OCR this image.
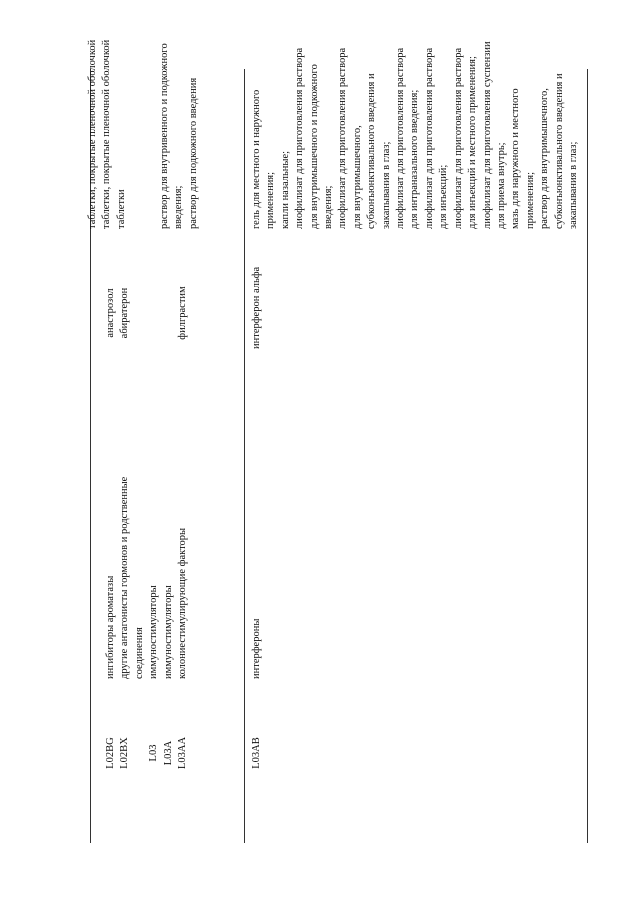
L02BG L02BX L03 L03A L03AA
ингибиторы ароматазы другие антагонисты гормонов и родственные соединения иммуностимуляторы иммуностимуляторы колониестимулирующие факторы
анастрозол абиратерон	филграстим
таблетки, покрытые пленочной оболочкой таблетки, покрытые пленочной оболочкой таблетки	раствор для внутривенного и подкожного введения; раствор для подкожного введения
L03AB
интерфероны
интерферон альфа
гель для местного и наружного применения; капли назальные; лиофилизат для приготовления раствора для внутримышечного и подкожного введения; лиофилизат для приготовления раствора для внутримышечного, субконъюнктивального введения и закапывания в глаз; лиофилизат для приготовления раствора для интраназального введения; лиофилизат для приготовления раствора для инъекций; лиофилизат для приготовления раствора для инъекций и местного применения; лиофилизат для приготовления суспензии для приема внутрь; мазь для наружного и местного применения; раствор для внутримышечного, субконъюнктивального введения и закапывания в глаз;
